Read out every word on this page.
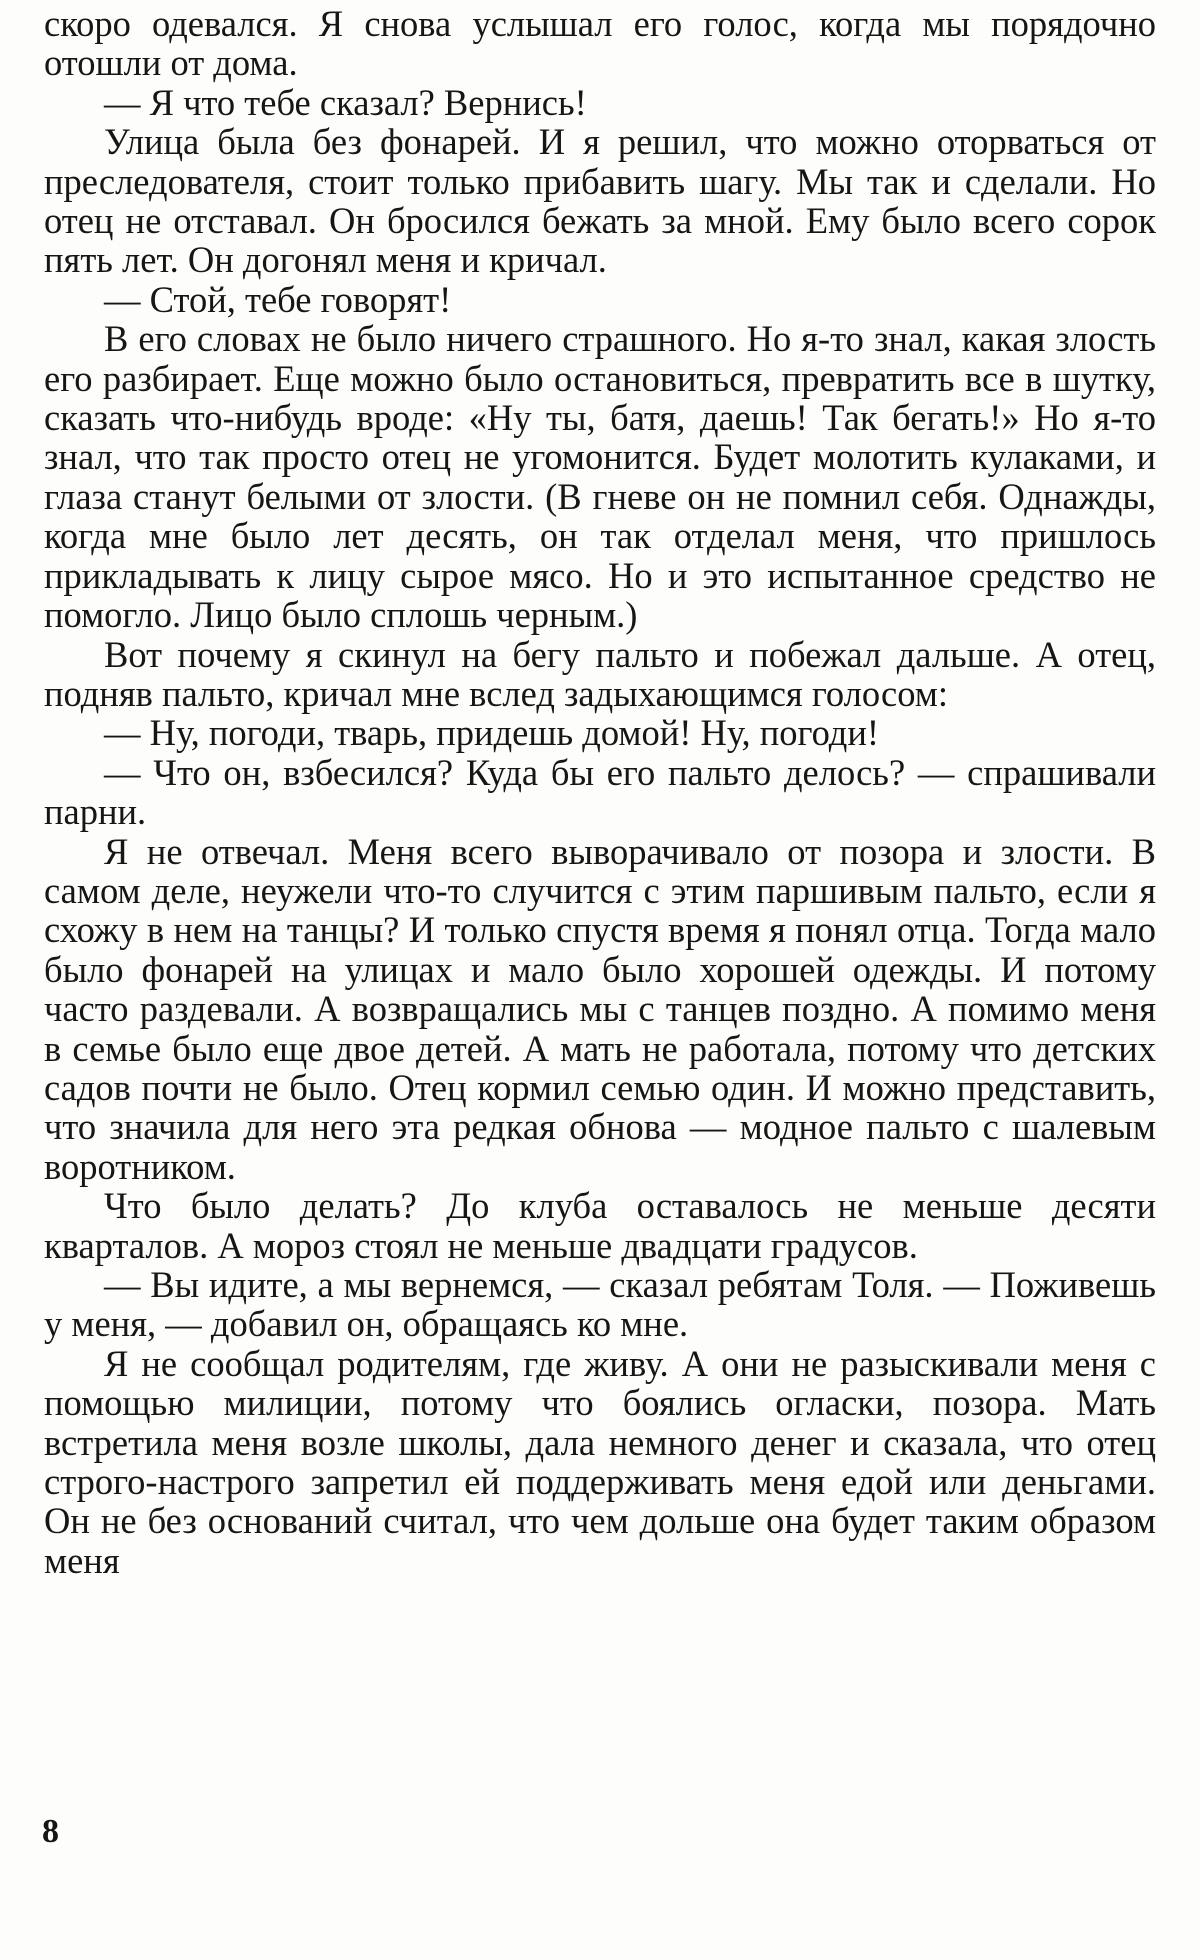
скоро одевался. Я снова услышал его голос, когда мы порядочно отошли от дома.

— Я что тебе сказал? Вернись!

Улица была без фонарей. И я решил, что можно оторваться от преследователя, стоит только прибавить шагу. Мы так и сделали. Но отец не отставал. Он бросился бежать за мной. Ему было всего сорок пять лет. Он догонял меня и кричал.

— Стой, тебе говорят!

В его словах не было ничего страшного. Но я-то знал, какая злость его разбирает. Еще можно было остановиться, превратить все в шутку, сказать что-нибудь вроде: «Ну ты, батя, даешь! Так бегать!» Но я-то знал, что так просто отец не угомонится. Будет молотить кулаками, и глаза станут белыми от злости. (В гневе он не помнил себя. Однажды, когда мне было лет десять, он так отделал меня, что пришлось прикладывать к лицу сырое мясо. Но и это испытанное средство не помогло. Лицо было сплошь черным.)

Вот почему я скинул на бегу пальто и побежал дальше. А отец, подняв пальто, кричал мне вслед задыхающимся голосом:

— Ну, погоди, тварь, придешь домой! Ну, погоди!

— Что он, взбесился? Куда бы его пальто делось? — спрашивали парни.

Я не отвечал. Меня всего выворачивало от позора и злости. В самом деле, неужели что-то случится с этим паршивым пальто, если я схожу в нем на танцы? И только спустя время я понял отца. Тогда мало было фонарей на улицах и мало было хорошей одежды. И потому часто раздевали. А возвращались мы с танцев поздно. А помимо меня в семье было еще двое детей. А мать не работала, потому что детских садов почти не было. Отец кормил семью один. И можно представить, что значила для него эта редкая обнова — модное пальто с шалевым воротником.

Что было делать? До клуба оставалось не меньше десяти кварталов. А мороз стоял не меньше двадцати градусов.

— Вы идите, а мы вернемся, — сказал ребятам Толя. — Поживешь у меня, — добавил он, обращаясь ко мне.

Я не сообщал родителям, где живу. А они не разыскивали меня с помощью милиции, потому что боялись огласки, позора. Мать встретила меня возле школы, дала немного денег и сказала, что отец строго-настрого запретил ей поддерживать меня едой или деньгами. Он не без оснований считал, что чем дольше она будет таким образом меня

8
